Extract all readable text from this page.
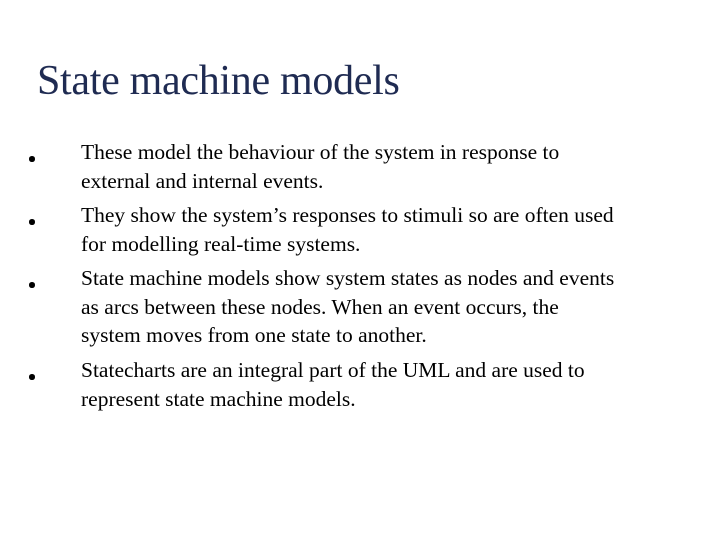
State machine models
These model the behaviour of the system in response to
external and internal events.
They show the system’s responses to stimuli so are often used
for modelling real-time systems.
State machine models show system states as nodes and events
as arcs between these nodes. When an event occurs, the
system moves from one state to another.
Statecharts are an integral part of the UML and are used to
represent state machine models.
